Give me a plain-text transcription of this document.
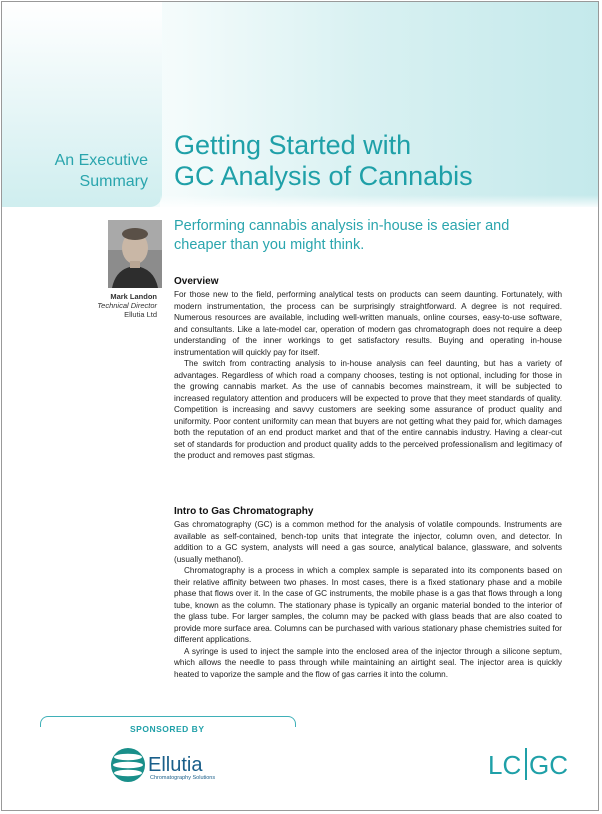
An Executive
Summary
Getting Started with
GC Analysis of Cannabis
Performing cannabis analysis in-house is easier and
cheaper than you might think.
Mark Landon
Technical Director
Ellutia Ltd
Overview

For those new to the field, performing analytical tests on products can seem daunting. Fortunately, with modern instrumentation, the process can be surprisingly straightforward. A degree is not required. Numerous resources are available, including well-written manuals, online courses, easy-to-use software, and consultants. Like a late-model car, operation of modern gas chromatograph does not require a deep understanding of the inner workings to get satisfactory results. Buying and operating in-house instrumentation will quickly pay for itself.

The switch from contracting analysis to in-house analysis can feel daunting, but has a variety of advantages. Regardless of which road a company chooses, testing is not optional, including for those in the growing cannabis market. As the use of cannabis becomes mainstream, it will be subjected to increased regulatory attention and producers will be expected to prove that they meet standards of quality. Competition is increasing and savvy customers are seeking some assurance of product quality and uniformity. Poor content uniformity can mean that buyers are not getting what they paid for, which damages both the reputation of an end product market and that of the entire cannabis industry. Having a clear-cut set of standards for production and product quality adds to the perceived professionalism and legitimacy of the product and removes past stigmas.

Intro to Gas Chromatography

Gas chromatography (GC) is a common method for the analysis of volatile compounds. Instruments are available as self-contained, bench-top units that integrate the injector, column oven, and detector. In addition to a GC system, analysts will need a gas source, analytical balance, glassware, and solvents (usually methanol).

Chromatography is a process in which a complex sample is separated into its components based on their relative affinity between two phases. In most cases, there is a fixed stationary phase and a mobile phase that flows over it. In the case of GC instruments, the mobile phase is a gas that flows through a long tube, known as the column. The stationary phase is typically an organic material bonded to the interior of the glass tube. For larger samples, the column may be packed with glass beads that are also coated to provide more surface area. Columns can be purchased with various stationary phase chemistries suited for different applications.

A syringe is used to inject the sample into the enclosed area of the injector through a silicone septum, which allows the needle to pass through while maintaining an airtight seal. The injector area is quickly heated to vaporize the sample and the flow of gas carries it into the column.

SPONSORED BY
Ellutia
Chromatography Solutions	LC GC
